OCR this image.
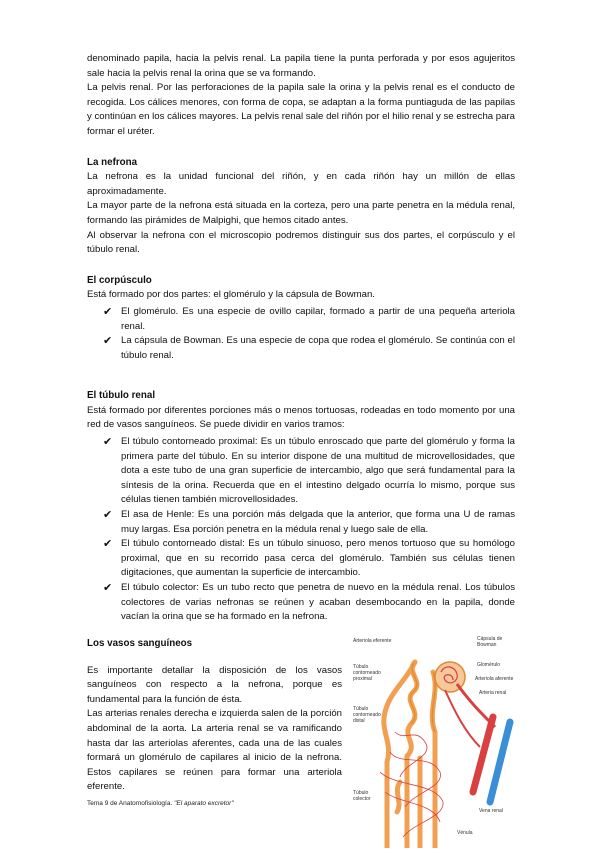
denominado papila, hacia la pelvis renal. La papila tiene la punta perforada y por esos agujeritos sale hacia la pelvis renal la orina que se va formando.

La pelvis renal. Por las perforaciones de la papila sale la orina y la pelvis renal es el conducto de recogida. Los cálices menores, con forma de copa, se adaptan a la forma puntiaguda de las papilas y continúan en los cálices mayores. La pelvis renal sale del riñón por el hilio renal y se estrecha para formar el uréter.

La nefrona

La nefrona es la unidad funcional del riñón, y en cada riñón hay un millón de ellas aproximadamente.

La mayor parte de la nefrona está situada en la corteza, pero una parte penetra en la médula renal, formando las pirámides de Malpighi, que hemos citado antes.

Al observar la nefrona con el microscopio podremos distinguir sus dos partes, el corpúsculo y el túbulo renal.

El corpúsculo

Está formado por dos partes: el glomérulo y la cápsula de Bowman.

✔ El glomérulo. Es una especie de ovillo capilar, formado a partir de una pequeña arteriola renal.
✔ La cápsula de Bowman. Es una especie de copa que rodea el glomérulo. Se continúa con el túbulo renal.
El túbulo renal

Está formado por diferentes porciones más o menos tortuosas, rodeadas en todo momento por una red de vasos sanguíneos. Se puede dividir en varios tramos:

✔ El túbulo contorneado proximal: Es un túbulo enroscado que parte del glomérulo y forma la primera parte del túbulo. En su interior dispone de una multitud de microvellosidades, que dota a este tubo de una gran superficie de intercambio, algo que será fundamental para la síntesis de la orina. Recuerda que en el intestino delgado ocurría lo mismo, porque sus células tienen también microvellosidades.
✔ El asa de Henle: Es una porción más delgada que la anterior, que forma una U de ramas muy largas. Esa porción penetra en la médula renal y luego sale de ella.
✔ El túbulo contorneado distal: Es un túbulo sinuoso, pero menos tortuoso que su homólogo proximal, que en su recorrido pasa cerca del glomérulo. También sus células tienen digitaciones, que aumentan la superficie de intercambio.
✔ El túbulo colector: Es un tubo recto que penetra de nuevo en la médula renal. Los túbulos colectores de varias nefronas se reúnen y acaban desembocando en la papila, donde vacían la orina que se ha formado en la nefrona.
Los vasos sanguíneos

Es importante detallar la disposición de los vasos sanguíneos con respecto a la nefrona, porque es fundamental para la función de ésta.

Las arterias renales derecha e izquierda salen de la porción abdominal de la aorta. La arteria renal se va ramificando hasta dar las arteriolas aferentes, cada una de las cuales formará un glomérulo de capilares al inicio de la nefrona. Estos capilares se reúnen para formar una arteriola eferente.

Arteriola eferente	Cápsula de Bowman
Glomérulo
Arteriola aferente
Arteria renal
Túbulo contorneado proximal
Túbulo contorneado distal
Túbulo colector
Vena renal
Vénula
Tema 9 de Anatomofisiología. "El aparato excretor"
